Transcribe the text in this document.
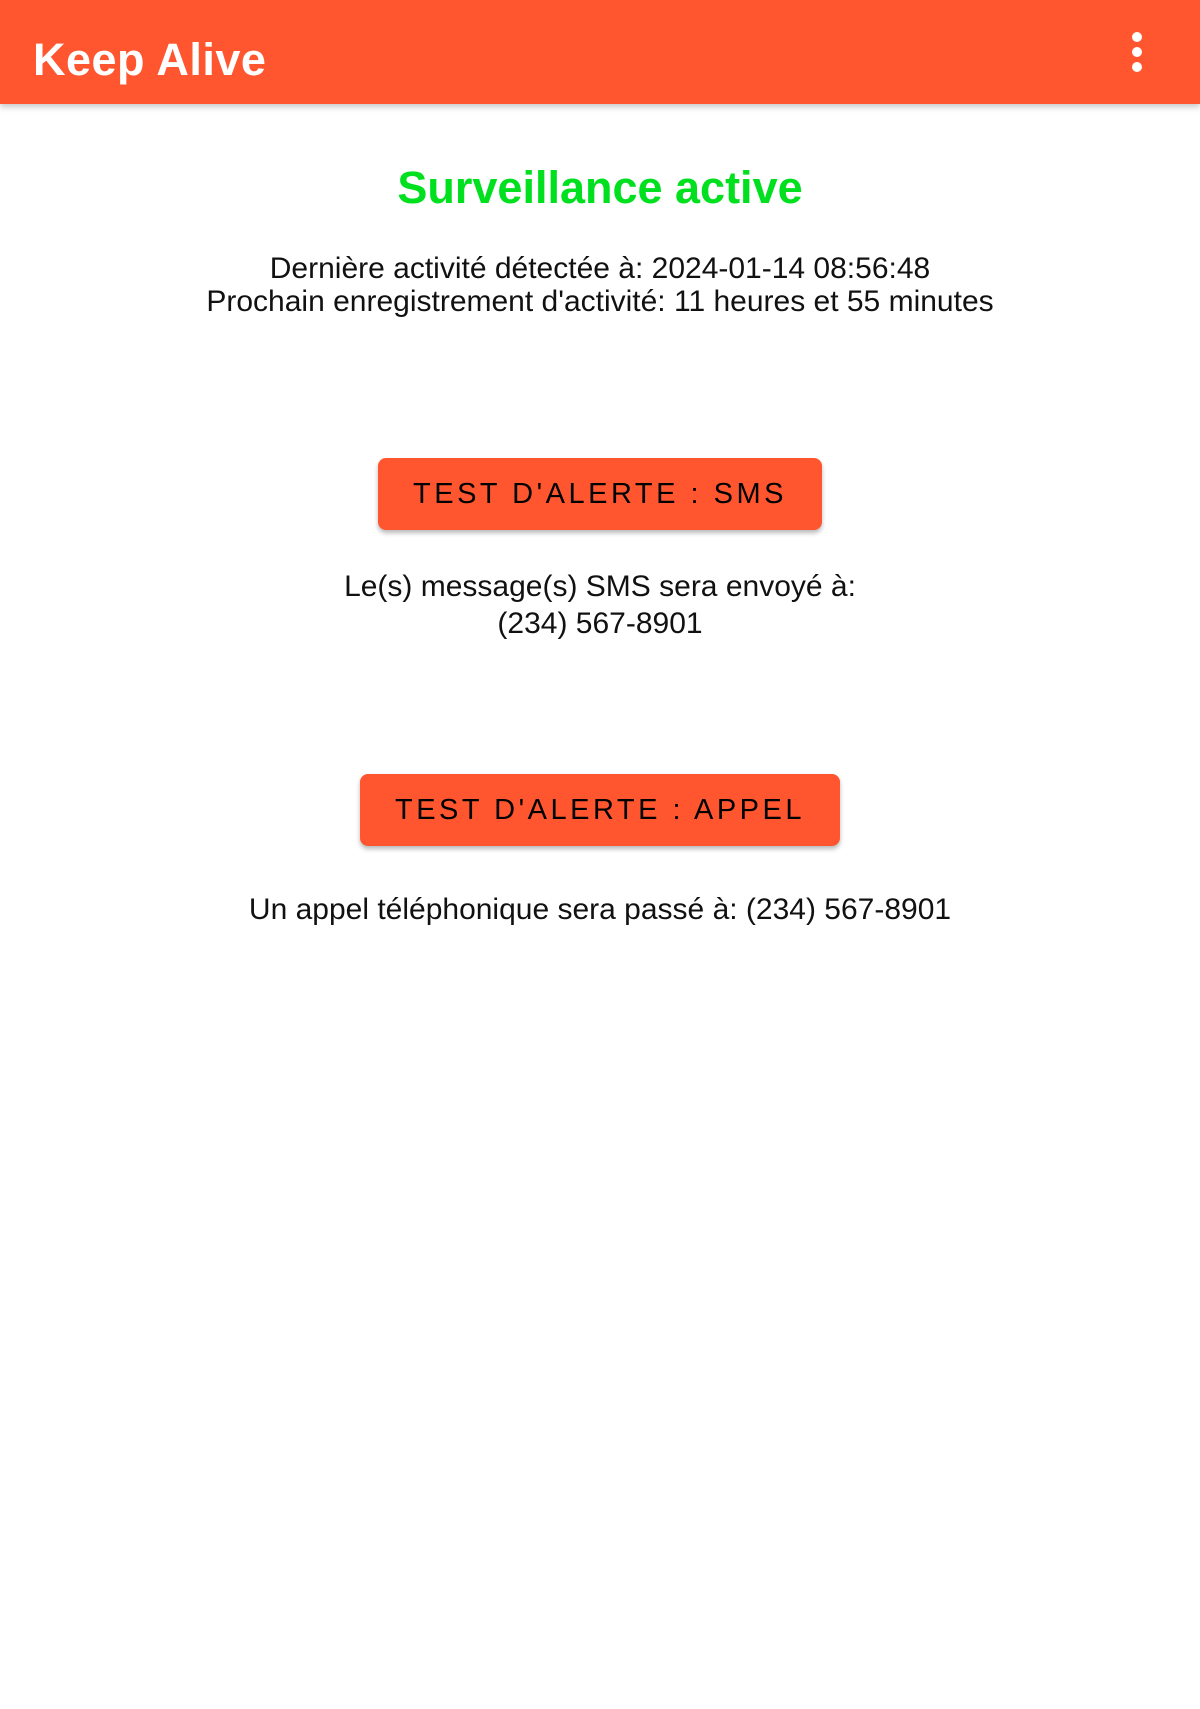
Keep Alive
Surveillance active
Dernière activité détectée à: 2024-01-14 08:56:48
Prochain enregistrement d'activité: 11 heures et 55 minutes
TEST D'ALERTE : SMS
Le(s) message(s) SMS sera envoyé à:
(234) 567-8901
TEST D'ALERTE : APPEL
Un appel téléphonique sera passé à: (234) 567-8901
